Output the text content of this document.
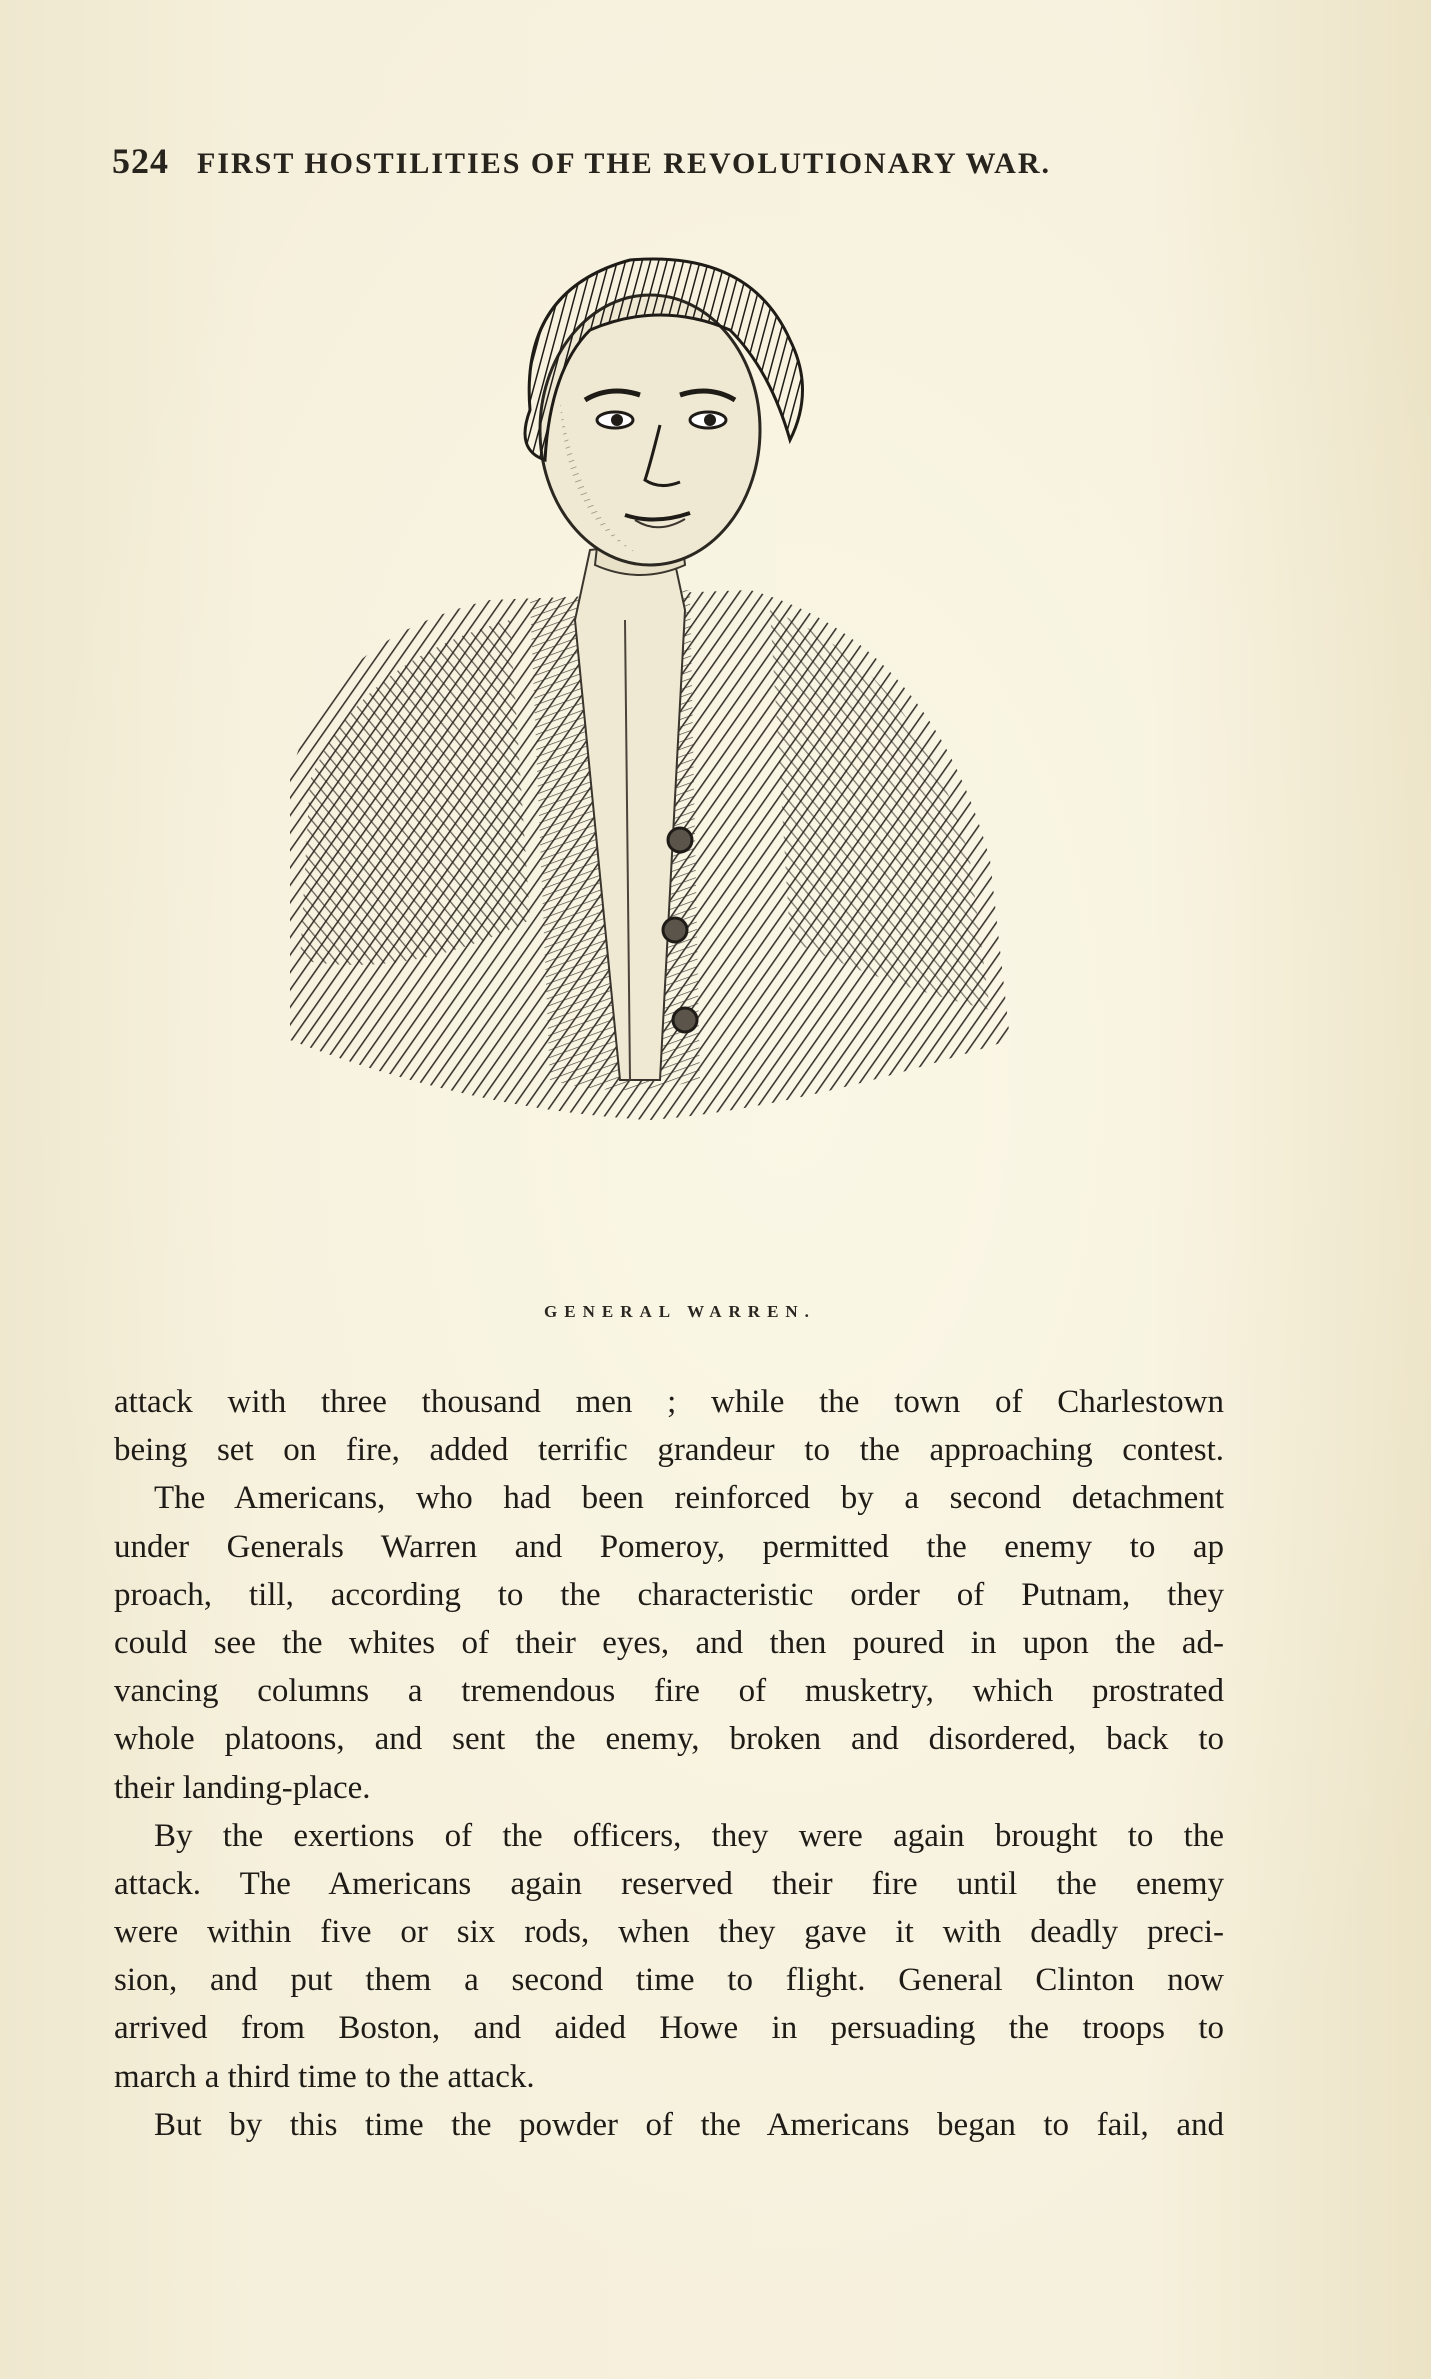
524 FIRST HOSTILITIES OF THE REVOLUTIONARY WAR.
GENERAL WARREN.
attack with three thousand men ; while the town of Charlestown
being set on fire, added terrific grandeur to the approaching contest.
The Americans, who had been reinforced by a second detachment
under Generals Warren and Pomeroy, permitted the enemy to ap
proach, till, according to the characteristic order of Putnam, they
could see the whites of their eyes, and then poured in upon the ad-
vancing columns a tremendous fire of musketry, which prostrated
whole platoons, and sent the enemy, broken and disordered, back to
their landing-place.
By the exertions of the officers, they were again brought to the
attack. The Americans again reserved their fire until the enemy
were within five or six rods, when they gave it with deadly preci-
sion, and put them a second time to flight. General Clinton now
arrived from Boston, and aided Howe in persuading the troops to
march a third time to the attack.
But by this time the powder of the Americans began to fail, and
